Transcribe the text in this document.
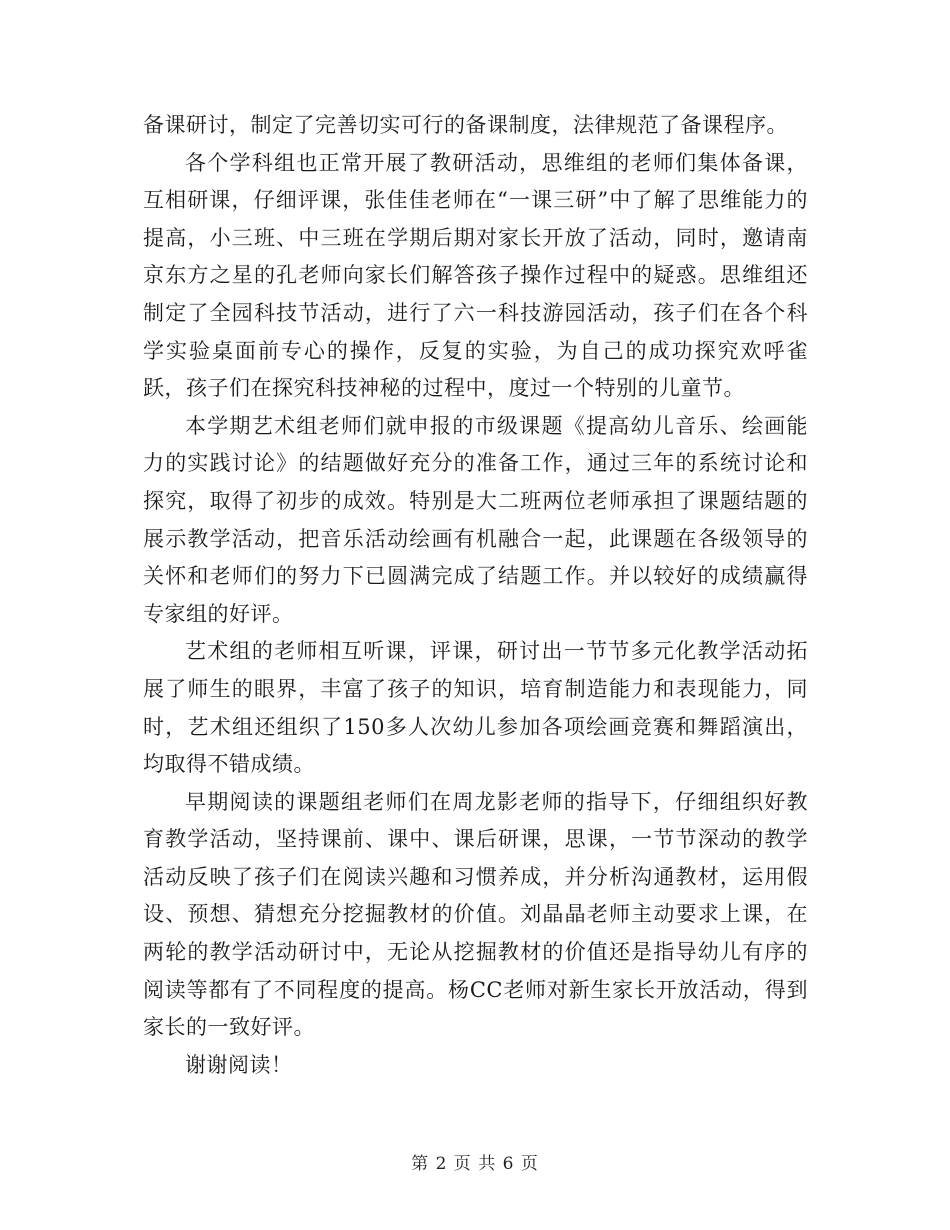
备课研讨，制定了完善切实可行的备课制度，法律规范了备课程序。

各个学科组也正常开展了教研活动，思维组的老师们集体备课，互相研课，仔细评课，张佳佳老师在“一课三研”中了解了思维能力的提高，小三班、中三班在学期后期对家长开放了活动，同时，邀请南京东方之星的孔老师向家长们解答孩子操作过程中的疑惑。思维组还制定了全园科技节活动，进行了六一科技游园活动，孩子们在各个科学实验桌面前专心的操作，反复的实验，为自己的成功探究欢呼雀跃，孩子们在探究科技神秘的过程中，度过一个特别的儿童节。

本学期艺术组老师们就申报的市级课题《提高幼儿音乐、绘画能力的实践讨论》的结题做好充分的准备工作，通过三年的系统讨论和探究，取得了初步的成效。特别是大二班两位老师承担了课题结题的展示教学活动，把音乐活动绘画有机融合一起，此课题在各级领导的关怀和老师们的努力下已圆满完成了结题工作。并以较好的成绩赢得专家组的好评。

艺术组的老师相互听课，评课，研讨出一节节多元化教学活动拓展了师生的眼界，丰富了孩子的知识，培育制造能力和表现能力，同时，艺术组还组织了150多人次幼儿参加各项绘画竞赛和舞蹈演出，均取得不错成绩。

早期阅读的课题组老师们在周龙影老师的指导下，仔细组织好教育教学活动，坚持课前、课中、课后研课，思课，一节节深动的教学活动反映了孩子们在阅读兴趣和习惯养成，并分析沟通教材，运用假设、预想、猜想充分挖掘教材的价值。刘晶晶老师主动要求上课，在两轮的教学活动研讨中，无论从挖掘教材的价值还是指导幼儿有序的阅读等都有了不同程度的提高。杨CC老师对新生家长开放活动，得到家长的一致好评。

谢谢阅读！

第 2 页 共 6 页
